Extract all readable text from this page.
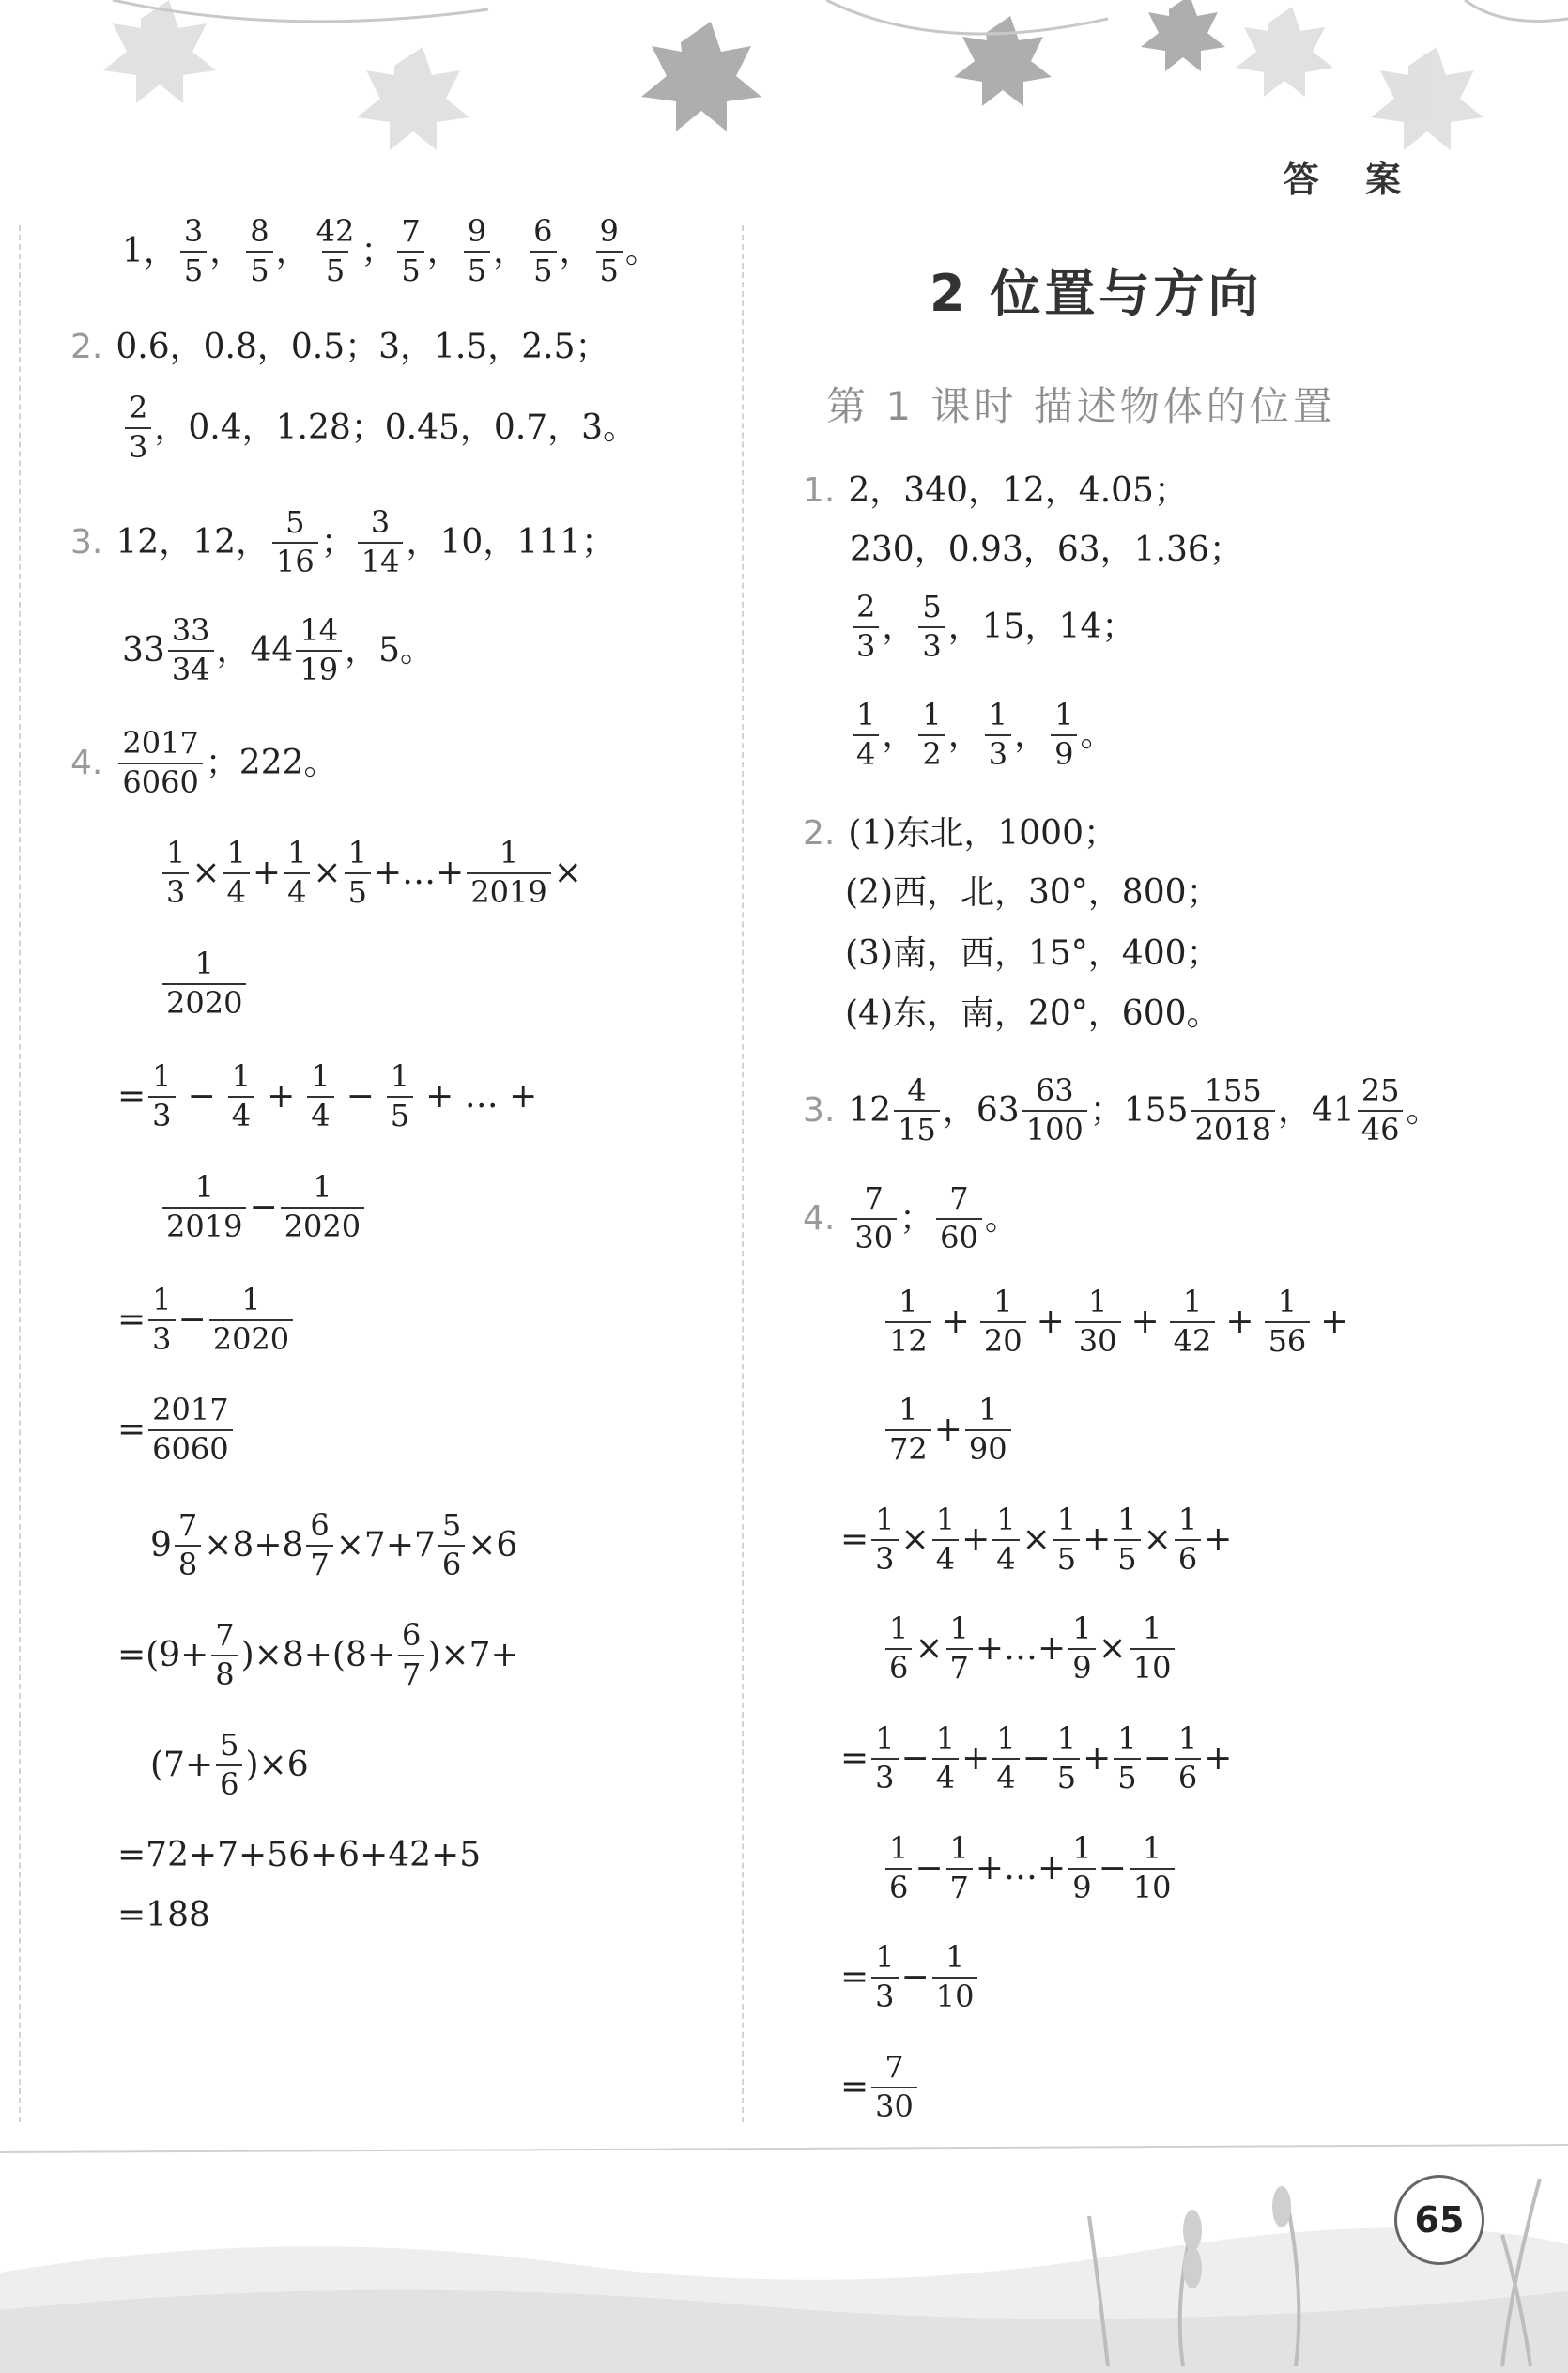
答 案
1， $\frac{3}{5}$ ， $\frac{8}{5}$ ， $\frac{42}{5}$ ； $\frac{7}{5}$ ， $\frac{9}{5}$ ， $\frac{6}{5}$ ， $\frac{9}{5}$ 。
2. 0.6，0.8，0.5；3，1.5，2.5；
$\frac{2}{3}$ ，0.4，1.28；0.45，0.7，3。
3. 12，12， $\frac{5}{16}$ ； $\frac{3}{14}$ ，10，111；
$33 \frac{33}{34}$ ，$44 \frac{14}{19}$ ，5。
4. $\frac{2017}{6060}$ ；222。
$\frac{1}{3} \times \frac{1}{4} + \frac{1}{4} \times \frac{1}{5}$ +…+ $\frac{1}{2019}$ ×
$\frac{1}{2020}$
= $\frac{1}{3} - \frac{1}{4} + \frac{1}{4} - \frac{1}{5}$ + … +
$\frac{1}{2019} - \frac{1}{2020}$
= $\frac{1}{3} - \frac{1}{2020}$
= $\frac{2017}{6060}$
$9 \frac{7}{8} \times 8+8 \frac{6}{7} \times 7+7 \frac{5}{6} \times 6$
$=(9+ \frac{7}{8} )\times 8+(8+ \frac{6}{7} )\times 7+$
$(7+ \frac{5}{6} )\times 6$
=72+7+56+6+42+5
=188
2 位置与方向
第 1 课时 描述物体的位置
1. 2，340，12，4.05；
230，0.93，63，1.36；
$\frac{2}{3}$ ， $\frac{5}{3}$ ，15，14；
$\frac{1}{4}$ ， $\frac{1}{2}$ ， $\frac{1}{3}$ ， $\frac{1}{9}$ 。
2. (1)东北，1000；
(2)西，北，30°，800；
(3)南，西，15°，400；
(4)东，南，20°，600。
3. $12 \frac{4}{15}$ ，$63 \frac{63}{100}$ ；$155 \frac{155}{2018}$ ，$41 \frac{25}{46}$ 。
4. $\frac{7}{30}$ ； $\frac{7}{60}$ 。
$\frac{1}{12} + \frac{1}{20} + \frac{1}{30} + \frac{1}{42} + \frac{1}{56}$ +
$\frac{1}{72} + \frac{1}{90}$
= $\frac{1}{3} \times \frac{1}{4} + \frac{1}{4} \times \frac{1}{5} + \frac{1}{5} \times \frac{1}{6}$ +
$\frac{1}{6} \times \frac{1}{7}$ +…+ $\frac{1}{9} \times \frac{1}{10}$
= $\frac{1}{3} - \frac{1}{4} + \frac{1}{4} - \frac{1}{5} + \frac{1}{5} - \frac{1}{6}$ +
$\frac{1}{6} - \frac{1}{7}$ +…+ $\frac{1}{9} - \frac{1}{10}$
= $\frac{1}{3} - \frac{1}{10}$
= $\frac{7}{30}$
65
